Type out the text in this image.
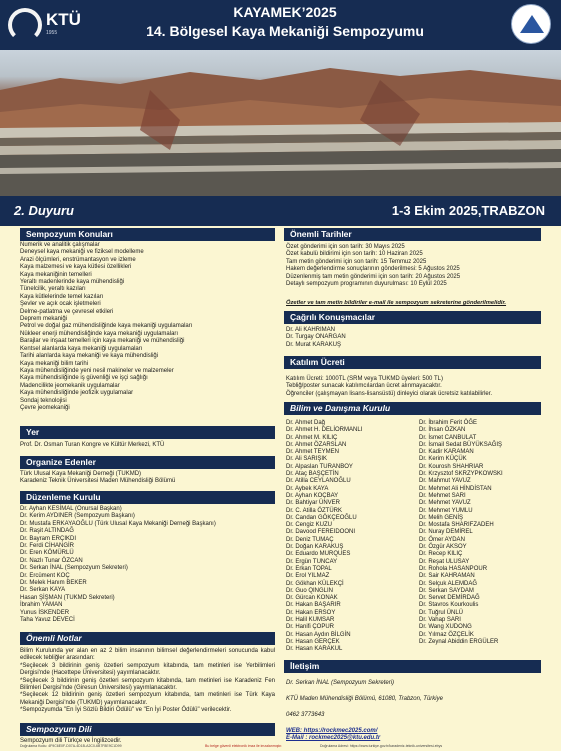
KTÜ
1955
KAYAMEK’2025
14. Bölgesel Kaya Mekaniği Sempozyumu
2. Duyuru	1-3 Ekim 2025,TRABZON
Sempozyum Konuları
Numerik ve analitik çalışmalar
Deneysel kaya mekaniği ve fiziksel modelleme
Arazi ölçümleri, enstrümantasyon ve izleme
Kaya malzemesi ve kaya kütlesi özellikleri
Kaya mekaniğinin temelleri
Yeraltı madenlerinde kaya mühendisliği
Tünelcilik, yeraltı kazıları
Kaya kütlelerinde temel kazıları
Şevler ve açık ocak işletmeleri
Delme-patlatma ve çevresel etkileri
Deprem mekaniği
Petrol ve doğal gaz mühendisliğinde kaya mekaniği uygulamaları
Nükleer enerji mühendisliğinde kaya mekaniği uygulamaları
Barajlar ve inşaat temelleri için kaya mekaniği ve mühendisliği
Kentsel alanlarda kaya mekaniği uygulamaları
Tarihi alanlarda kaya mekaniği ve kaya mühendisliği
Kaya mekaniği bilim tarihi
Kaya mühendisliğinde yeni nesil makineler ve malzemeler
Kaya mühendisliğinde iş güvenliği ve işçi sağlığı
Madencilikte jeomekanik uygulamalar
Kaya mühendisliğinde jeofizik uygulamalar
Sondaj teknolojisi
Çevre jeomekaniği
Yer
Prof. Dr. Osman Turan Kongre ve Kültür Merkezi, KTÜ
Organize Edenler
Türk Ulusal Kaya Mekaniği Derneği (TUKMD)
Karadeniz Teknik Üniversitesi Maden Mühendisliği Bölümü
Düzenleme Kurulu
Dr. Ayhan KESİMAL (Onursal Başkan)
Dr. Kerim AYDINER (Sempozyum Başkanı)
Dr. Mustafa ERKAYAOĞLU (Türk Ulusal Kaya Mekaniği Derneği Başkanı)
Dr. Raşit ALTINDAĞ
Dr. Bayram ERÇIKDI
Dr. Ferdi CİHANGİR
Dr. Eren KÖMÜRLÜ
Dr. Nazlı Tunar ÖZCAN
Dr. Serkan İNAL (Sempozyum Sekreteri)
Dr. Ercüment KOÇ
Dr. Melek Hanım BEKER
Dr. Serkan KAYA
Hasan ŞİŞMAN (TUKMD Sekreteri)
İbrahim YAMAN
Yunus İSKENDER
Taha Yavuz DEVECİ
Önemli Notlar

Bilim Kurulunda yer alan en az 2 bilim insanının bilimsel değerlendirmeleri sonucunda kabul edilecek tebliğler arasından:

*Seçilecek 3 bildirinin geniş özetleri sempozyum kitabında, tam metinleri ise Yerbilimleri Dergisi'nde (Hacettepe Üniversitesi) yayımlanacaktır.

*Seçilecek 3 bildirinin geniş özetleri sempozyum kitabında, tam metinleri ise Karadeniz Fen Bilimleri Dergisi'nde (Giresun Üniversitesi) yayımlanacaktır.

*Seçilecek 12 bildirinin geniş özetleri sempozyum kitabında, tam metinleri ise Türk Kaya Mekaniği Dergisi'nde (TUKMD) yayımlanacaktır.

*Sempozyumda "En İyi Sözlü Bildiri Ödülü" ve "En İyi Poster Ödülü" verilecektir.

Sempozyum Dili
Sempozyum dili Türkçe ve İngilizcedir.
Önemli Tarihler
Özet gönderimi için son tarih: 30 Mayıs 2025
Özet kabulü bildirimi için son tarih: 10 Haziran 2025
Tam metin gönderimi için son tarih: 15 Temmuz 2025
Hakem değerlendirme sonuçlarının gönderilmesi: 5 Ağustos 2025
Düzenlenmiş tam metin gönderimi için son tarih: 20 Ağustos 2025
Detaylı sempozyum programının duyurulması: 10 Eylül 2025
Özetler ve tam metin bildiriler e-mail ile sempozyum sekreterine gönderilmelidir.
Çağrılı Konuşmacılar
Dr. Ali KAHRIMAN
Dr. Turgay ONARGAN
Dr. Murat KARAKUŞ
Katılım Ücreti
Katılım Ücreti: 1000TL (SRM veya TUKMD üyeleri: 500 TL)
Tebliğ/poster sunacak katılımcılardan ücret alınmayacaktır.
Öğrenciler (çalışmayan lisans-lisansüstü) dinleyici olarak ücretsiz katılabilirler.
Bilim ve Danışma Kurulu
Dr. Ahmet Dağ
Dr. Ahmet H. DELİORMANLI
Dr. Ahmet M. KILIÇ
Dr. Ahmet ÖZARSLAN
Dr. Ahmet TEYMEN
Dr. Ali SARIŞIK
Dr. Alpaslan TURANBOY
Dr. Ataç BAŞÇETİN
Dr. Atilla CEYLANOĞLU
Dr. Aybek KAYA
Dr. Ayhan KOÇBAY
Dr. Bahtiyar ÜNVER
Dr. C. Atilla ÖZTÜRK
Dr. Candan GÖKÇEOĞLU
Dr. Cengiz KUZU
Dr. Davood FEREIDOONI
Dr. Deniz TUMAÇ
Dr. Doğan KARAKUŞ
Dr. Eduardo MURQUES
Dr. Ergün TUNCAY
Dr. Erkan TOPAL
Dr. Erol YILMAZ
Dr. Gökhan KÜLEKÇİ
Dr. Guo QINGLIN
Dr. Gürcan KONAK
Dr. Hakan BAŞARIR
Dr. Hakan ERSOY
Dr. Halil KUMSAR
Dr. Hanifi ÇOPUR
Dr. Hasan Aydın BİLGİN
Dr. Hasan GERÇEK
Dr. Hasan KARAKUL
Dr. İbrahim Ferit ÖĞE
Dr. İhsan ÖZKAN
Dr. İsmet CANBULAT
Dr. İsmail Sedat BÜYÜKSAĞIŞ
Dr. Kadir KARAMAN
Dr. Kerim KÜÇÜK
Dr. Kourosh SHAHRIAR
Dr. Krzysztof SKRZYPKOWSKI
Dr. Mahmut YAVUZ
Dr. Mehmet Ali HİNDİSTAN
Dr. Mehmet SARI
Dr. Mehmet YAVUZ
Dr. Mehmet YUMLU
Dr. Melih GENİŞ
Dr. Mostafa SHARIFZADEH
Dr. Nuray DEMİREL
Dr. Ömer AYDAN
Dr. Özgür AKSOY
Dr. Recep KILIÇ
Dr. Reşat ULUSAY
Dr. Rohola HASANPOUR
Dr. Sair KAHRAMAN
Dr. Selçuk ALEMDAĞ
Dr. Serkan SAYDAM
Dr. Servet DEMİRDAĞ
Dr. Stavros Kourkoulis
Dr. Tuğrul ÜNLÜ
Dr. Vahap SARI
Dr. Wang XUDONG
Dr. Yılmaz ÖZÇELİK
Dr. Zeynal Abiddin ERGÜLER
İletişim
Dr. Serkan İNAL (Sempozyum Sekreteri)
KTÜ Maden Mühendisliği Bölümü, 61080, Trabzon, Türkiye
0462 3773643
WEB: https://rockmec2025.com/
E-Mail : rockmec2025@ktu.edu.tr
Doğrulama Kodu: 4F9C6E0F-D07A-4D1B-A2C0-6B7F8E9C1D99	Bu belge güvenli elektronik imza ile imzalanmıştır.	Doğrulama Adresi: https://www.turkiye.gov.tr/karadeniz-teknik-universitesi-ebys
